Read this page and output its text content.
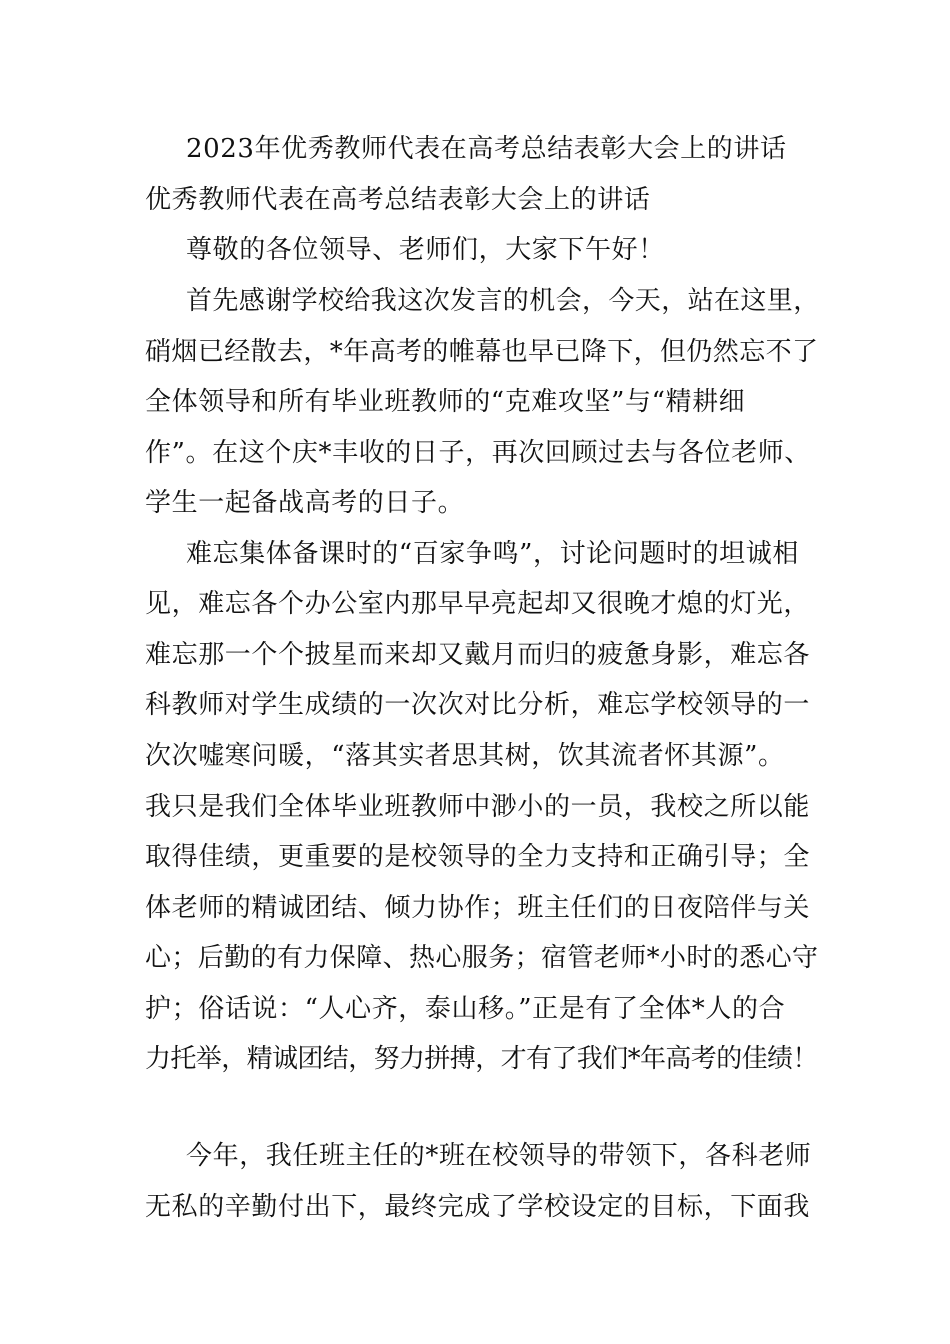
2023年优秀教师代表在高考总结表彰大会上的讲话
优秀教师代表在高考总结表彰大会上的讲话
尊敬的各位领导、老师们，大家下午好！
首先感谢学校给我这次发言的机会，今天，站在这里，
硝烟已经散去，*年高考的帷幕也早已降下，但仍然忘不了
全体领导和所有毕业班教师的“克难攻坚”与“精耕细
作”。在这个庆*丰收的日子，再次回顾过去与各位老师、
学生一起备战高考的日子。
难忘集体备课时的“百家争鸣”，讨论问题时的坦诚相
见，难忘各个办公室内那早早亮起却又很晚才熄的灯光，
难忘那一个个披星而来却又戴月而归的疲惫身影，难忘各
科教师对学生成绩的一次次对比分析，难忘学校领导的一
次次嘘寒问暖，“落其实者思其树，饮其流者怀其源”。
我只是我们全体毕业班教师中渺小的一员，我校之所以能
取得佳绩，更重要的是校领导的全力支持和正确引导；全
体老师的精诚团结、倾力协作；班主任们的日夜陪伴与关
心；后勤的有力保障、热心服务；宿管老师*小时的悉心守
护；俗话说：“人心齐，泰山移。”正是有了全体*人的合
力托举，精诚团结，努力拼搏，才有了我们*年高考的佳绩！
今年，我任班主任的*班在校领导的带领下，各科老师
无私的辛勤付出下，最终完成了学校设定的目标，下面我
